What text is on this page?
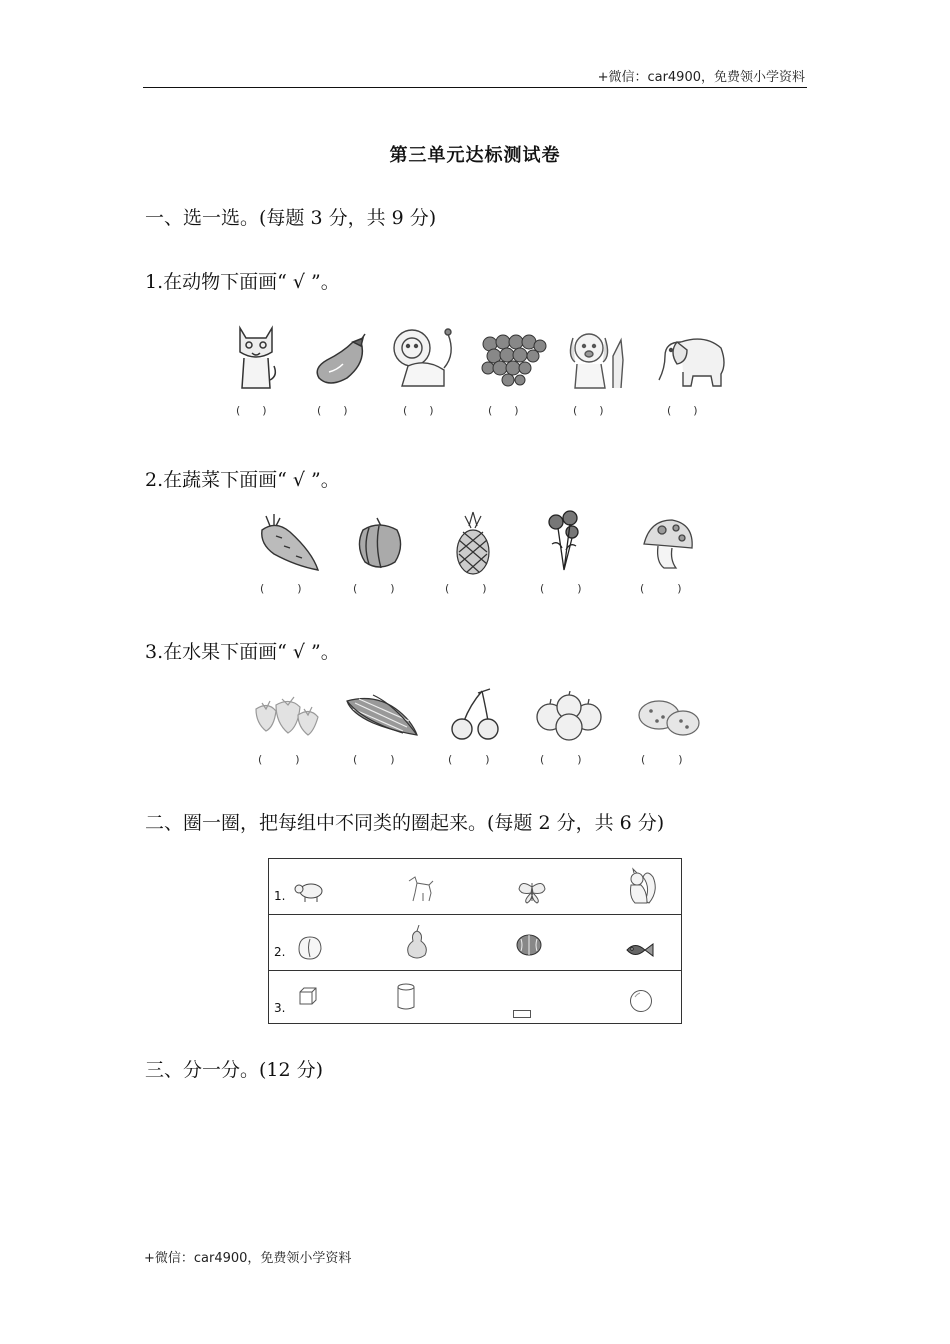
+微信：car4900，免费领小学资料
第三单元达标测试卷
一、选一选。(每题 3 分，共 9 分)
1.在动物下面画“ √ ”。
(　　)	(　　)	(　　)	(　　)	(　　)	(　　)
2.在蔬菜下面画“ √ ”。
(　　　)	(　　　)	(　　　)	(　　　)	(　　　)
3.在水果下面画“ √ ”。
(　　　)	(　　　)	(　　　)	(　　　)	(　　　)
二、圈一圈，把每组中不同类的圈起来。(每题 2 分，共 6 分)
1.
2.
3.
三、分一分。(12 分)
+微信：car4900，免费领小学资料
